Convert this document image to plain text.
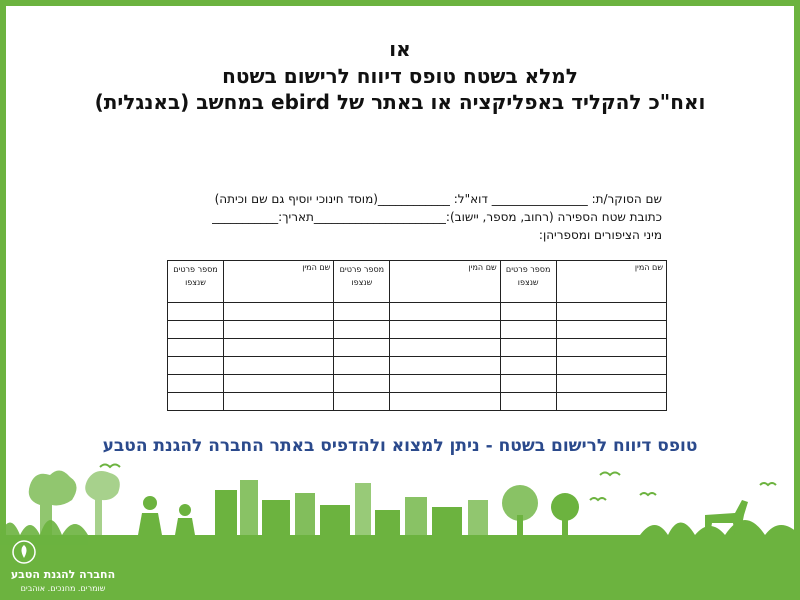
או
למלא בשטח טופס דיווח לרישום בשטח
ואח"כ להקליד באפליקציה או באתר של ebird במחשב (באנגלית)
שם הסוקר/ת: ________________ דוא"ל: ____________(מוסד חינוכי יוסיף גם שם וכיתה)
כתובת שטח הספירה (רחוב, מספר, יישוב):______________________תאריך:___________
מיני הציפורים ומספריהן:
שם המין	מספר פרטים שנצפו	שם המין	מספר פרטים שנצפו	שם המין	מספר פרטים שנצפו

טופס דיווח לרישום בשטח - ניתן למצוא ולהדפיס באתר החברה להגנת הטבע
החברה להגנת הטבע
שומרים. מחנכים. אוהבים
